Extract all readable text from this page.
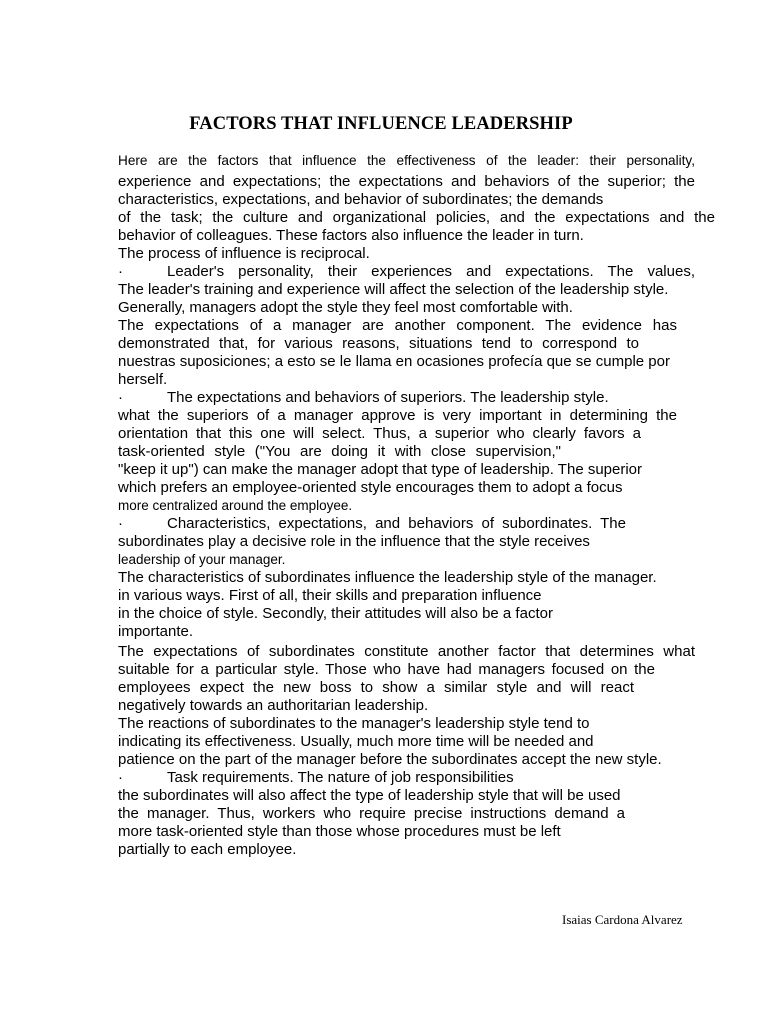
FACTORS THAT INFLUENCE LEADERSHIP
Here are the factors that influence the effectiveness of the leader: their personality,
experience and expectations; the expectations and behaviors of the superior; the
characteristics, expectations, and behavior of subordinates; the demands
of the task; the culture and organizational policies, and the expectations and the
behavior of colleagues. These factors also influence the leader in turn.
The process of influence is reciprocal.
·	Leader's personality, their experiences and expectations. The values,
The leader's training and experience will affect the selection of the leadership style.
Generally, managers adopt the style they feel most comfortable with.
The expectations of a manager are another component. The evidence has
demonstrated that, for various reasons, situations tend to correspond to
nuestras suposiciones; a esto se le llama en ocasiones profecía que se cumple por
herself.
·	The expectations and behaviors of superiors. The leadership style.
what the superiors of a manager approve is very important in determining the
orientation that this one will select. Thus, a superior who clearly favors a
task-oriented style ("You are doing it with close supervision,"
"keep it up") can make the manager adopt that type of leadership. The superior
which prefers an employee-oriented style encourages them to adopt a focus
more centralized around the employee.
·	Characteristics, expectations, and behaviors of subordinates. The
subordinates play a decisive role in the influence that the style receives
leadership of your manager.
The characteristics of subordinates influence the leadership style of the manager.
in various ways. First of all, their skills and preparation influence
in the choice of style. Secondly, their attitudes will also be a factor
importante.
The expectations of subordinates constitute another factor that determines what
suitable for a particular style. Those who have had managers focused on the
employees expect the new boss to show a similar style and will react
negatively towards an authoritarian leadership.
The reactions of subordinates to the manager's leadership style tend to
indicating its effectiveness. Usually, much more time will be needed and
patience on the part of the manager before the subordinates accept the new style.
·	Task requirements. The nature of job responsibilities
the subordinates will also affect the type of leadership style that will be used
the manager. Thus, workers who require precise instructions demand a
more task-oriented style than those whose procedures must be left
partially to each employee.
Isaias Cardona Alvarez
